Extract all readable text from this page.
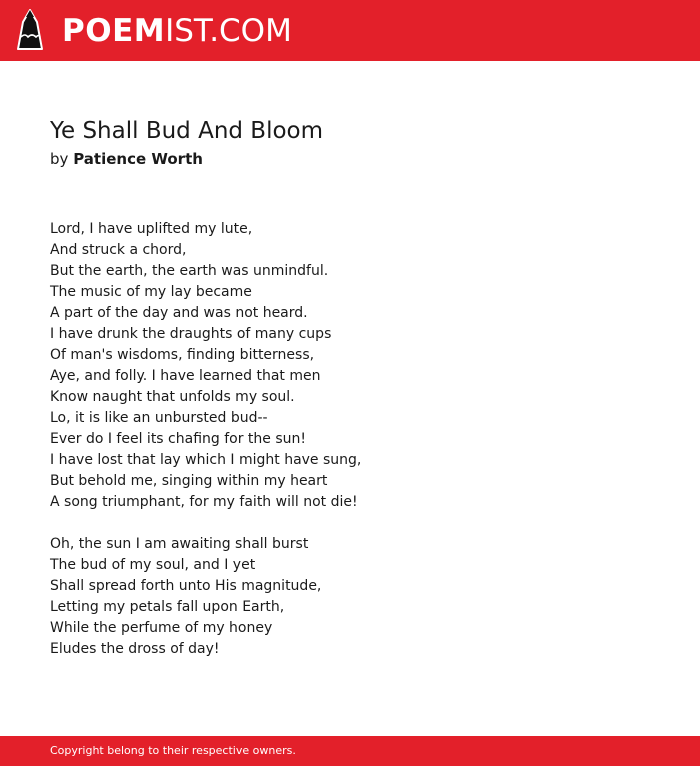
POEMIST.COM
Ye Shall Bud And Bloom
by Patience Worth
Lord, I have uplifted my lute,
And struck a chord,
But the earth, the earth was unmindful.
The music of my lay became
A part of the day and was not heard.
I have drunk the draughts of many cups
Of man's wisdoms, finding bitterness,
Aye, and folly. I have learned that men
Know naught that unfolds my soul.
Lo, it is like an unbursted bud--
Ever do I feel its chafing for the sun!
I have lost that lay which I might have sung,
But behold me, singing within my heart
A song triumphant, for my faith will not die!
Oh, the sun I am awaiting shall burst
The bud of my soul, and I yet
Shall spread forth unto His magnitude,
Letting my petals fall upon Earth,
While the perfume of my honey
Eludes the dross of day!
Copyright belong to their respective owners.
